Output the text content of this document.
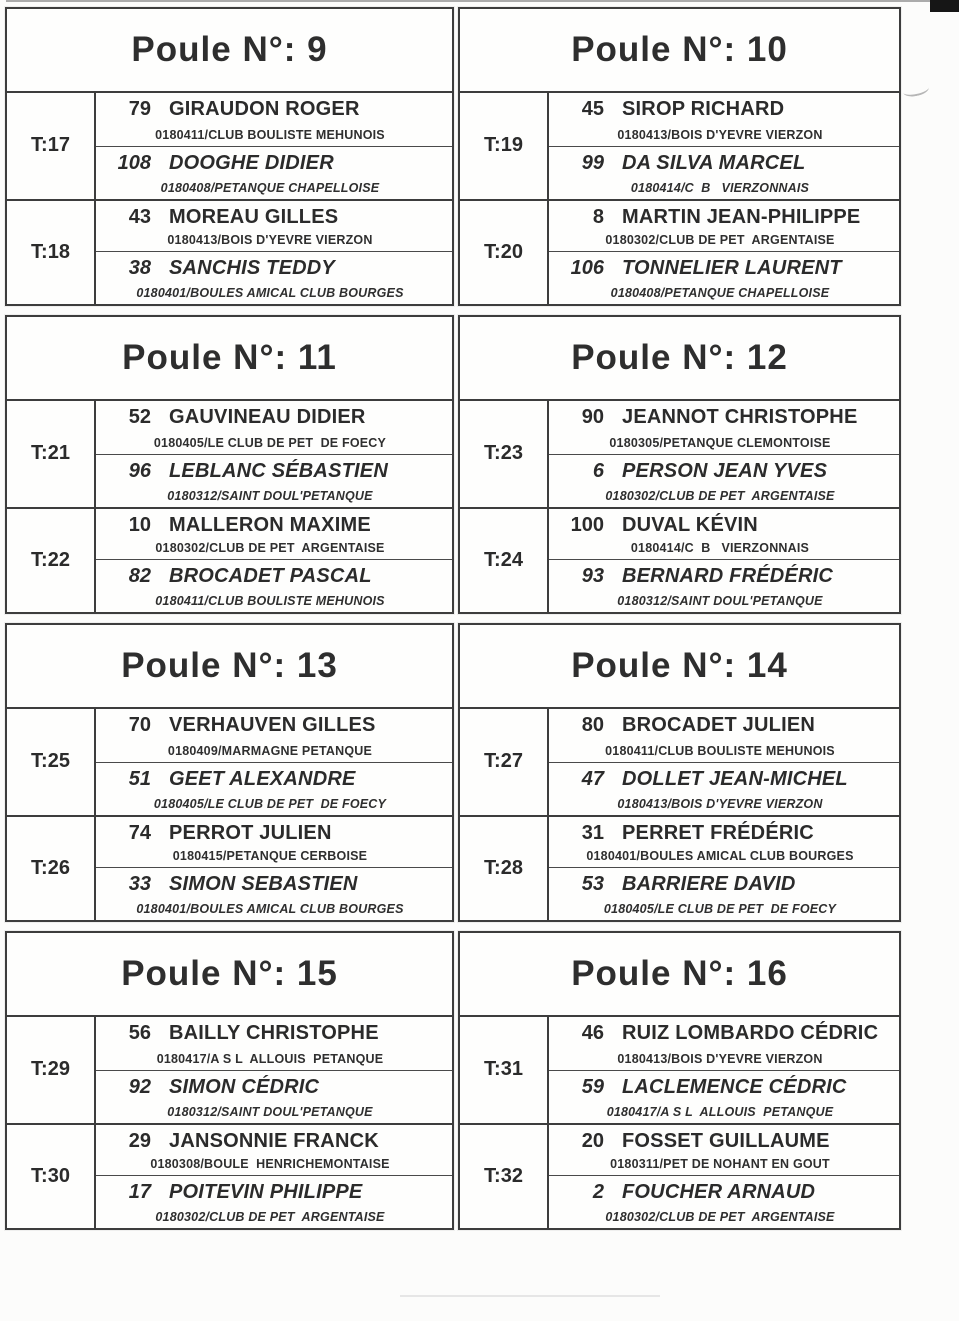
Poule N°: 9
T:17
T:18
79 GIRAUDON ROGER
0180411/CLUB BOULISTE MEHUNOIS
108 DOOGHE DIDIER
0180408/PETANQUE CHAPELLOISE
43 MOREAU GILLES
0180413/BOIS D'YEVRE VIERZON
38 SANCHIS TEDDY
0180401/BOULES AMICAL CLUB BOURGES
Poule N°: 10
T:19
T:20
45 SIROP RICHARD
0180413/BOIS D'YEVRE VIERZON
99 DA SILVA MARCEL
0180414/C  B   VIERZONNAIS
8 MARTIN JEAN-PHILIPPE
0180302/CLUB DE PET  ARGENTAISE
106 TONNELIER LAURENT
0180408/PETANQUE CHAPELLOISE
Poule N°: 11
T:21
T:22
52 GAUVINEAU DIDIER
0180405/LE CLUB DE PET  DE FOECY
96 LEBLANC SÉBASTIEN
0180312/SAINT DOUL'PETANQUE
10 MALLERON MAXIME
0180302/CLUB DE PET  ARGENTAISE
82 BROCADET PASCAL
0180411/CLUB BOULISTE MEHUNOIS
Poule N°: 12
T:23
T:24
90 JEANNOT CHRISTOPHE
0180305/PETANQUE CLEMONTOISE
6 PERSON JEAN YVES
0180302/CLUB DE PET  ARGENTAISE
100 DUVAL KÉVIN
0180414/C  B   VIERZONNAIS
93 BERNARD FRÉDÉRIC
0180312/SAINT DOUL'PETANQUE
Poule N°: 13
T:25
T:26
70 VERHAUVEN GILLES
0180409/MARMAGNE PETANQUE
51 GEET ALEXANDRE
0180405/LE CLUB DE PET  DE FOECY
74 PERROT JULIEN
0180415/PETANQUE CERBOISE
33 SIMON SEBASTIEN
0180401/BOULES AMICAL CLUB BOURGES
Poule N°: 14
T:27
T:28
80 BROCADET JULIEN
0180411/CLUB BOULISTE MEHUNOIS
47 DOLLET JEAN-MICHEL
0180413/BOIS D'YEVRE VIERZON
31 PERRET FRÉDÉRIC
0180401/BOULES AMICAL CLUB BOURGES
53 BARRIERE DAVID
0180405/LE CLUB DE PET  DE FOECY
Poule N°: 15
T:29
T:30
56 BAILLY CHRISTOPHE
0180417/A S L  ALLOUIS  PETANQUE
92 SIMON CÉDRIC
0180312/SAINT DOUL'PETANQUE
29 JANSONNIE FRANCK
0180308/BOULE  HENRICHEMONTAISE
17 POITEVIN PHILIPPE
0180302/CLUB DE PET  ARGENTAISE
Poule N°: 16
T:31
T:32
46 RUIZ LOMBARDO CÉDRIC
0180413/BOIS D'YEVRE VIERZON
59 LACLEMENCE CÉDRIC
0180417/A S L  ALLOUIS  PETANQUE
20 FOSSET GUILLAUME
0180311/PET DE NOHANT EN GOUT
2 FOUCHER ARNAUD
0180302/CLUB DE PET  ARGENTAISE
